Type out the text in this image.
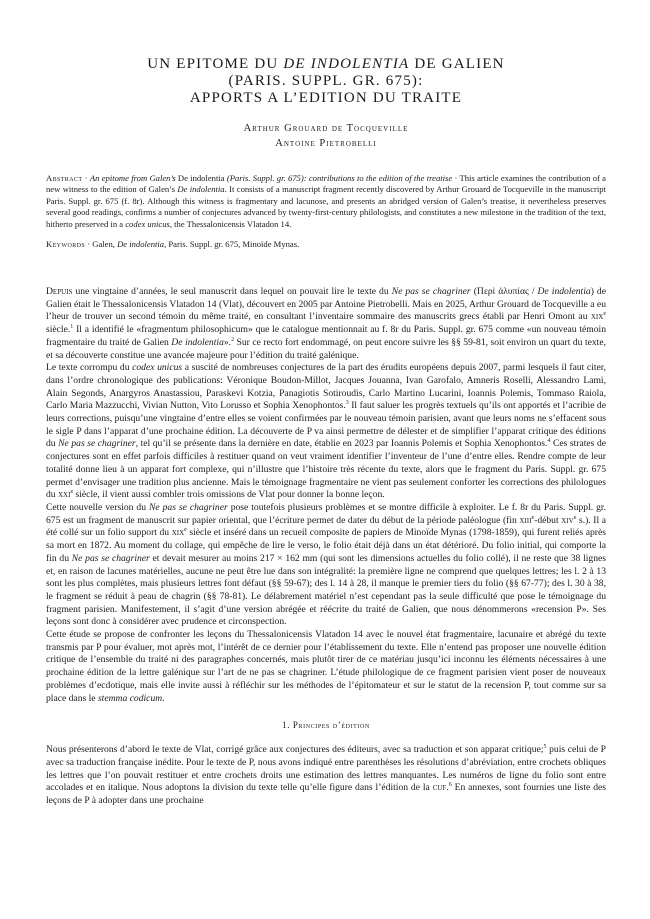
UN EPITOME DU DE INDOLENTIA DE GALIEN
(PARIS. SUPPL. GR. 675):
APPORTS A L’EDITION DU TRAITE
Arthur Grouard de Tocqueville
Antoine Pietrobelli

Abstract · An epitome from Galen’s De indolentia (Paris. Suppl. gr. 675): contributions to the edition of the treatise · This article examines the contribution of a new witness to the edition of Galen’s De indolentia. It consists of a manuscript fragment recently discovered by Arthur Grouard de Tocqueville in the manuscript Paris. Suppl. gr. 675 (f. 8r). Although this witness is fragmentary and lacunose, and presents an abridged version of Galen’s treatise, it nevertheless preserves several good readings, confirms a number of conjectures advanced by twenty-first-century philologists, and constitutes a new milestone in the tradition of the text, hitherto preserved in a codex unicus, the Thessalonicensis Vlatadon 14.

Keywords · Galen, De indolentia, Paris. Suppl. gr. 675, Minoïde Mynas.

Depuis une vingtaine d’années, le seul manuscrit dans lequel on pouvait lire le texte du Ne pas se chagriner (Περὶ ἀλυπίας / De indolentia) de Galien était le Thessalonicensis Vlatadon 14 (Vlat), découvert en 2005 par Antoine Pietrobelli. Mais en 2025, Arthur Grouard de Tocqueville a eu l’heur de trouver un second témoin du même traité, en consultant l’inventaire sommaire des manuscrits grecs établi par Henri Omont au xix$^e$ siècle.$^1$ Il a identifié le «fragmentum philosophicum» que le catalogue mentionnait au f. 8r du Paris. Suppl. gr. 675 comme «un nouveau témoin fragmentaire du traité de Galien De indolentia».$^2$ Sur ce recto fort endommagé, on peut encore suivre les §§ 59-81, soit environ un quart du texte, et sa découverte constitue une avancée majeure pour l’édition du traité galénique.

Le texte corrompu du codex unicus a suscité de nombreuses conjectures de la part des érudits européens depuis 2007, parmi lesquels il faut citer, dans l’ordre chronologique des publications: Véronique Boudon-Millot, Jacques Jouanna, Ivan Garofalo, Amneris Roselli, Alessandro Lami, Alain Segonds, Anargyros Anastassiou, Paraskevi Kotzia, Panagiotis Sotiroudis, Carlo Martino Lucarini, Ioannis Polemis, Tommaso Raiola, Carlo Maria Mazzucchi, Vivian Nutton, Vito Lorusso et Sophia Xenophontos.$^3$ Il faut saluer les progrès textuels qu’ils ont apportés et l’acribie de leurs corrections, puisqu’une vingtaine d’entre elles se voient confirmées par le nouveau témoin parisien, avant que leurs noms ne s’effacent sous le sigle P dans l’apparat d’une prochaine édition. La découverte de P va ainsi permettre de délester et de simplifier l’apparat critique des éditions du Ne pas se chagriner, tel qu’il se présente dans la dernière en date, établie en 2023 par Ioannis Polemis et Sophia Xenophontos.$^4$ Ces strates de conjectures sont en effet parfois difficiles à restituer quand on veut vraiment identifier l’inventeur de l’une d’entre elles. Rendre compte de leur totalité donne lieu à un apparat fort complexe, qui n’illustre que l’histoire très récente du texte, alors que le fragment du Paris. Suppl. gr. 675 permet d’envisager une tradition plus ancienne. Mais le témoignage fragmentaire ne vient pas seulement conforter les corrections des philologues du xxi$^e$ siècle, il vient aussi combler trois omissions de Vlat pour donner la bonne leçon.

Cette nouvelle version du Ne pas se chagriner pose toutefois plusieurs problèmes et se montre difficile à exploiter. Le f. 8r du Paris. Suppl. gr. 675 est un fragment de manuscrit sur papier oriental, que l’écriture permet de dater du début de la période paléologue (fin xiii$^e$-début xiv$^e$ s.). Il a été collé sur un folio support du xix$^e$ siècle et inséré dans un recueil composite de papiers de Minoïde Mynas (1798-1859), qui furent reliés après sa mort en 1872. Au moment du collage, qui empêche de lire le verso, le folio était déjà dans un état détérioré. Du folio initial, qui comporte la fin du Ne pas se chagriner et devait mesurer au moins 217 × 162 mm (qui sont les dimensions actuelles du folio collé), il ne reste que 38 lignes et, en raison de lacunes matérielles, aucune ne peut être lue dans son intégralité: la première ligne ne comprend que quelques lettres; les l. 2 à 13 sont les plus complètes, mais plusieurs lettres font défaut (§§ 59-67); des l. 14 à 28, il manque le premier tiers du folio (§§ 67-77); des l. 30 à 38, le fragment se réduit à peau de chagrin (§§ 78-81). Le délabrement matériel n’est cependant pas la seule difficulté que pose le témoignage du fragment parisien. Manifestement, il s’agit d’une version abrégée et réécrite du traité de Galien, que nous dénommerons «recension P». Ses leçons sont donc à considérer avec prudence et circonspection.

Cette étude se propose de confronter les leçons du Thessalonicensis Vlatadon 14 avec le nouvel état fragmentaire, lacunaire et abrégé du texte transmis par P pour évaluer, mot après mot, l’intérêt de ce dernier pour l’établissement du texte. Elle n’entend pas proposer une nouvelle édition critique de l’ensemble du traité ni des paragraphes concernés, mais plutôt tirer de ce matériau jusqu’ici inconnu les éléments nécessaires à une prochaine édition de la lettre galénique sur l’art de ne pas se chagriner. L’étude philologique de ce fragment parisien vient poser de nouveaux problèmes d’ecdotique, mais elle invite aussi à réfléchir sur les méthodes de l’épitomateur et sur le statut de la recension P, tout comme sur sa place dans le stemma codicum.

1. Principes d’édition

Nous présenterons d’abord le texte de Vlat, corrigé grâce aux conjectures des éditeurs, avec sa traduction et son apparat critique;$^5$ puis celui de P avec sa traduction française inédite. Pour le texte de P, nous avons indiqué entre parenthèses les résolutions d’abréviation, entre crochets obliques les lettres que l’on pouvait restituer et entre crochets droits une estimation des lettres manquantes. Les numéros de ligne du folio sont entre accolades et en italique. Nous adoptons la division du texte telle qu’elle figure dans l’édition de la cuf.$^6$ En annexes, sont fournies une liste des leçons de P à adopter dans une prochaine
